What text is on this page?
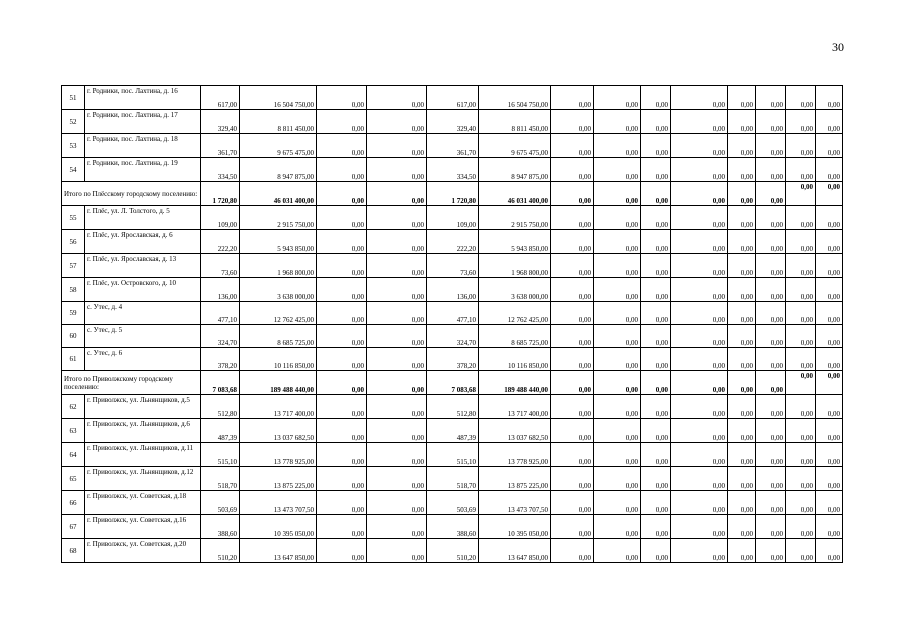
30
51	г. Родники, пос. Лахтина, д. 16	617,00	16 504 750,00	0,00	0,00	617,00	16 504 750,00	0,00	0,00	0,00	0,00	0,00	0,00	0,00	0,00
52	г. Родники, пос. Лахтина, д. 17	329,40	8 811 450,00	0,00	0,00	329,40	8 811 450,00	0,00	0,00	0,00	0,00	0,00	0,00	0,00	0,00
53	г. Родники, пос. Лахтина, д. 18	361,70	9 675 475,00	0,00	0,00	361,70	9 675 475,00	0,00	0,00	0,00	0,00	0,00	0,00	0,00	0,00
54	г. Родники, пос. Лахтина, д. 19	334,50	8 947 875,00	0,00	0,00	334,50	8 947 875,00	0,00	0,00	0,00	0,00	0,00	0,00	0,00	0,00
Итого по Плёсскому городскому поселению:		1 720,80	46 031 400,00	0,00	0,00	1 720,80	46 031 400,00	0,00	0,00	0,00	0,00	0,00	0,00	0,00	0,00
55	г. Плёс, ул. Л. Толстого, д. 5	109,00	2 915 750,00	0,00	0,00	109,00	2 915 750,00	0,00	0,00	0,00	0,00	0,00	0,00	0,00	0,00
56	г. Плёс, ул. Ярославская, д. 6	222,20	5 943 850,00	0,00	0,00	222,20	5 943 850,00	0,00	0,00	0,00	0,00	0,00	0,00	0,00	0,00
57	г. Плёс, ул. Ярославская, д. 13	73,60	1 968 800,00	0,00	0,00	73,60	1 968 800,00	0,00	0,00	0,00	0,00	0,00	0,00	0,00	0,00
58	г. Плёс, ул. Островского, д. 10	136,00	3 638 000,00	0,00	0,00	136,00	3 638 000,00	0,00	0,00	0,00	0,00	0,00	0,00	0,00	0,00
59	с. Утес, д. 4	477,10	12 762 425,00	0,00	0,00	477,10	12 762 425,00	0,00	0,00	0,00	0,00	0,00	0,00	0,00	0,00
60	с. Утес, д. 5	324,70	8 685 725,00	0,00	0,00	324,70	8 685 725,00	0,00	0,00	0,00	0,00	0,00	0,00	0,00	0,00
61	с. Утес, д. 6	378,20	10 116 850,00	0,00	0,00	378,20	10 116 850,00	0,00	0,00	0,00	0,00	0,00	0,00	0,00	0,00
Итого по Приволжскому городскому поселению:		7 083,68	189 488 440,00	0,00	0,00	7 083,68	189 488 440,00	0,00	0,00	0,00	0,00	0,00	0,00	0,00	0,00
62	г. Приволжск, ул. Льнянщиков, д.5	512,80	13 717 400,00	0,00	0,00	512,80	13 717 400,00	0,00	0,00	0,00	0,00	0,00	0,00	0,00	0,00
63	г. Приволжск, ул. Льнянщиков, д.6	487,39	13 037 682,50	0,00	0,00	487,39	13 037 682,50	0,00	0,00	0,00	0,00	0,00	0,00	0,00	0,00
64	г. Приволжск, ул. Льнянщиков, д.11	515,10	13 778 925,00	0,00	0,00	515,10	13 778 925,00	0,00	0,00	0,00	0,00	0,00	0,00	0,00	0,00
65	г. Приволжск, ул. Льнянщиков, д.12	518,70	13 875 225,00	0,00	0,00	518,70	13 875 225,00	0,00	0,00	0,00	0,00	0,00	0,00	0,00	0,00
66	г. Приволжск, ул. Советская, д.18	503,69	13 473 707,50	0,00	0,00	503,69	13 473 707,50	0,00	0,00	0,00	0,00	0,00	0,00	0,00	0,00
67	г. Приволжск, ул. Советская, д.16	388,60	10 395 050,00	0,00	0,00	388,60	10 395 050,00	0,00	0,00	0,00	0,00	0,00	0,00	0,00	0,00
68	г. Приволжск, ул. Советская, д.20	510,20	13 647 850,00	0,00	0,00	510,20	13 647 850,00	0,00	0,00	0,00	0,00	0,00	0,00	0,00	0,00
